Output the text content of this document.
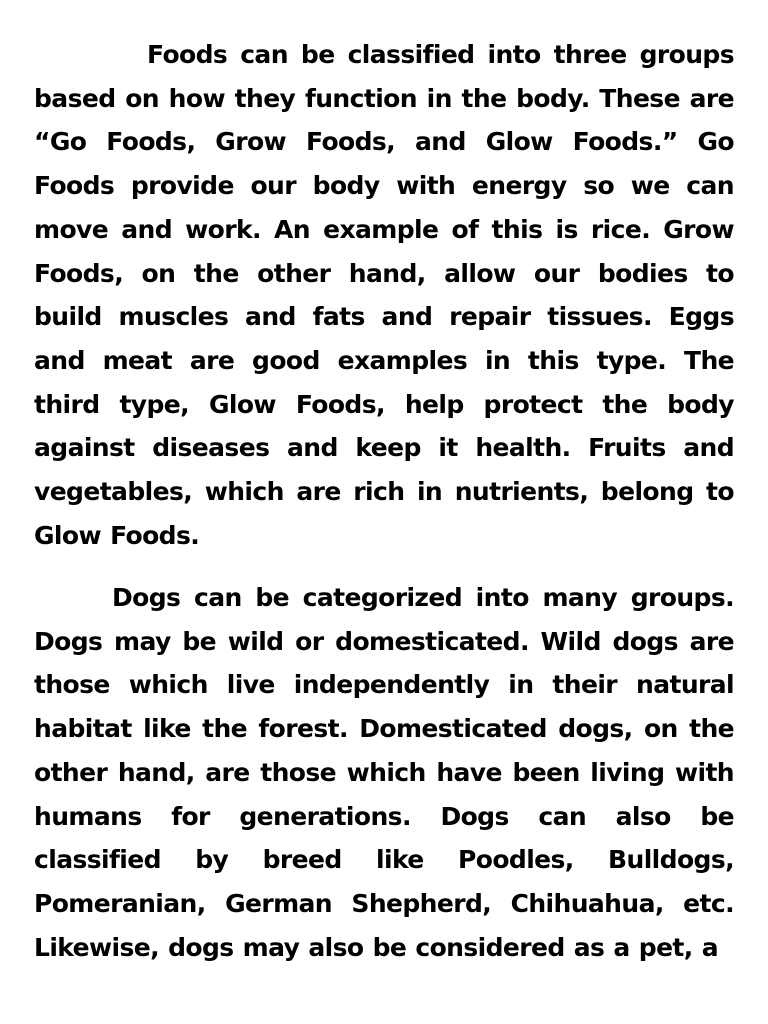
Foods can be classified into three groups based on how they function in the body. These are “Go Foods, Grow Foods, and Glow Foods.” Go Foods provide our body with energy so we can move and work. An example of this is rice. Grow Foods, on the other hand, allow our bodies to build muscles and fats and repair tissues. Eggs and meat are good examples in this type. The third type, Glow Foods, help protect the body against diseases and keep it health. Fruits and vegetables, which are rich in nutrients, belong to Glow Foods.

Dogs can be categorized into many groups. Dogs may be wild or domesticated. Wild dogs are those which live independently in their natural habitat like the forest. Domesticated dogs, on the other hand, are those which have been living with humans for generations. Dogs can also be classified by breed like Poodles, Bulldogs, Pomeranian, German Shepherd, Chihuahua, etc. Likewise, dogs may also be considered as a pet, a
